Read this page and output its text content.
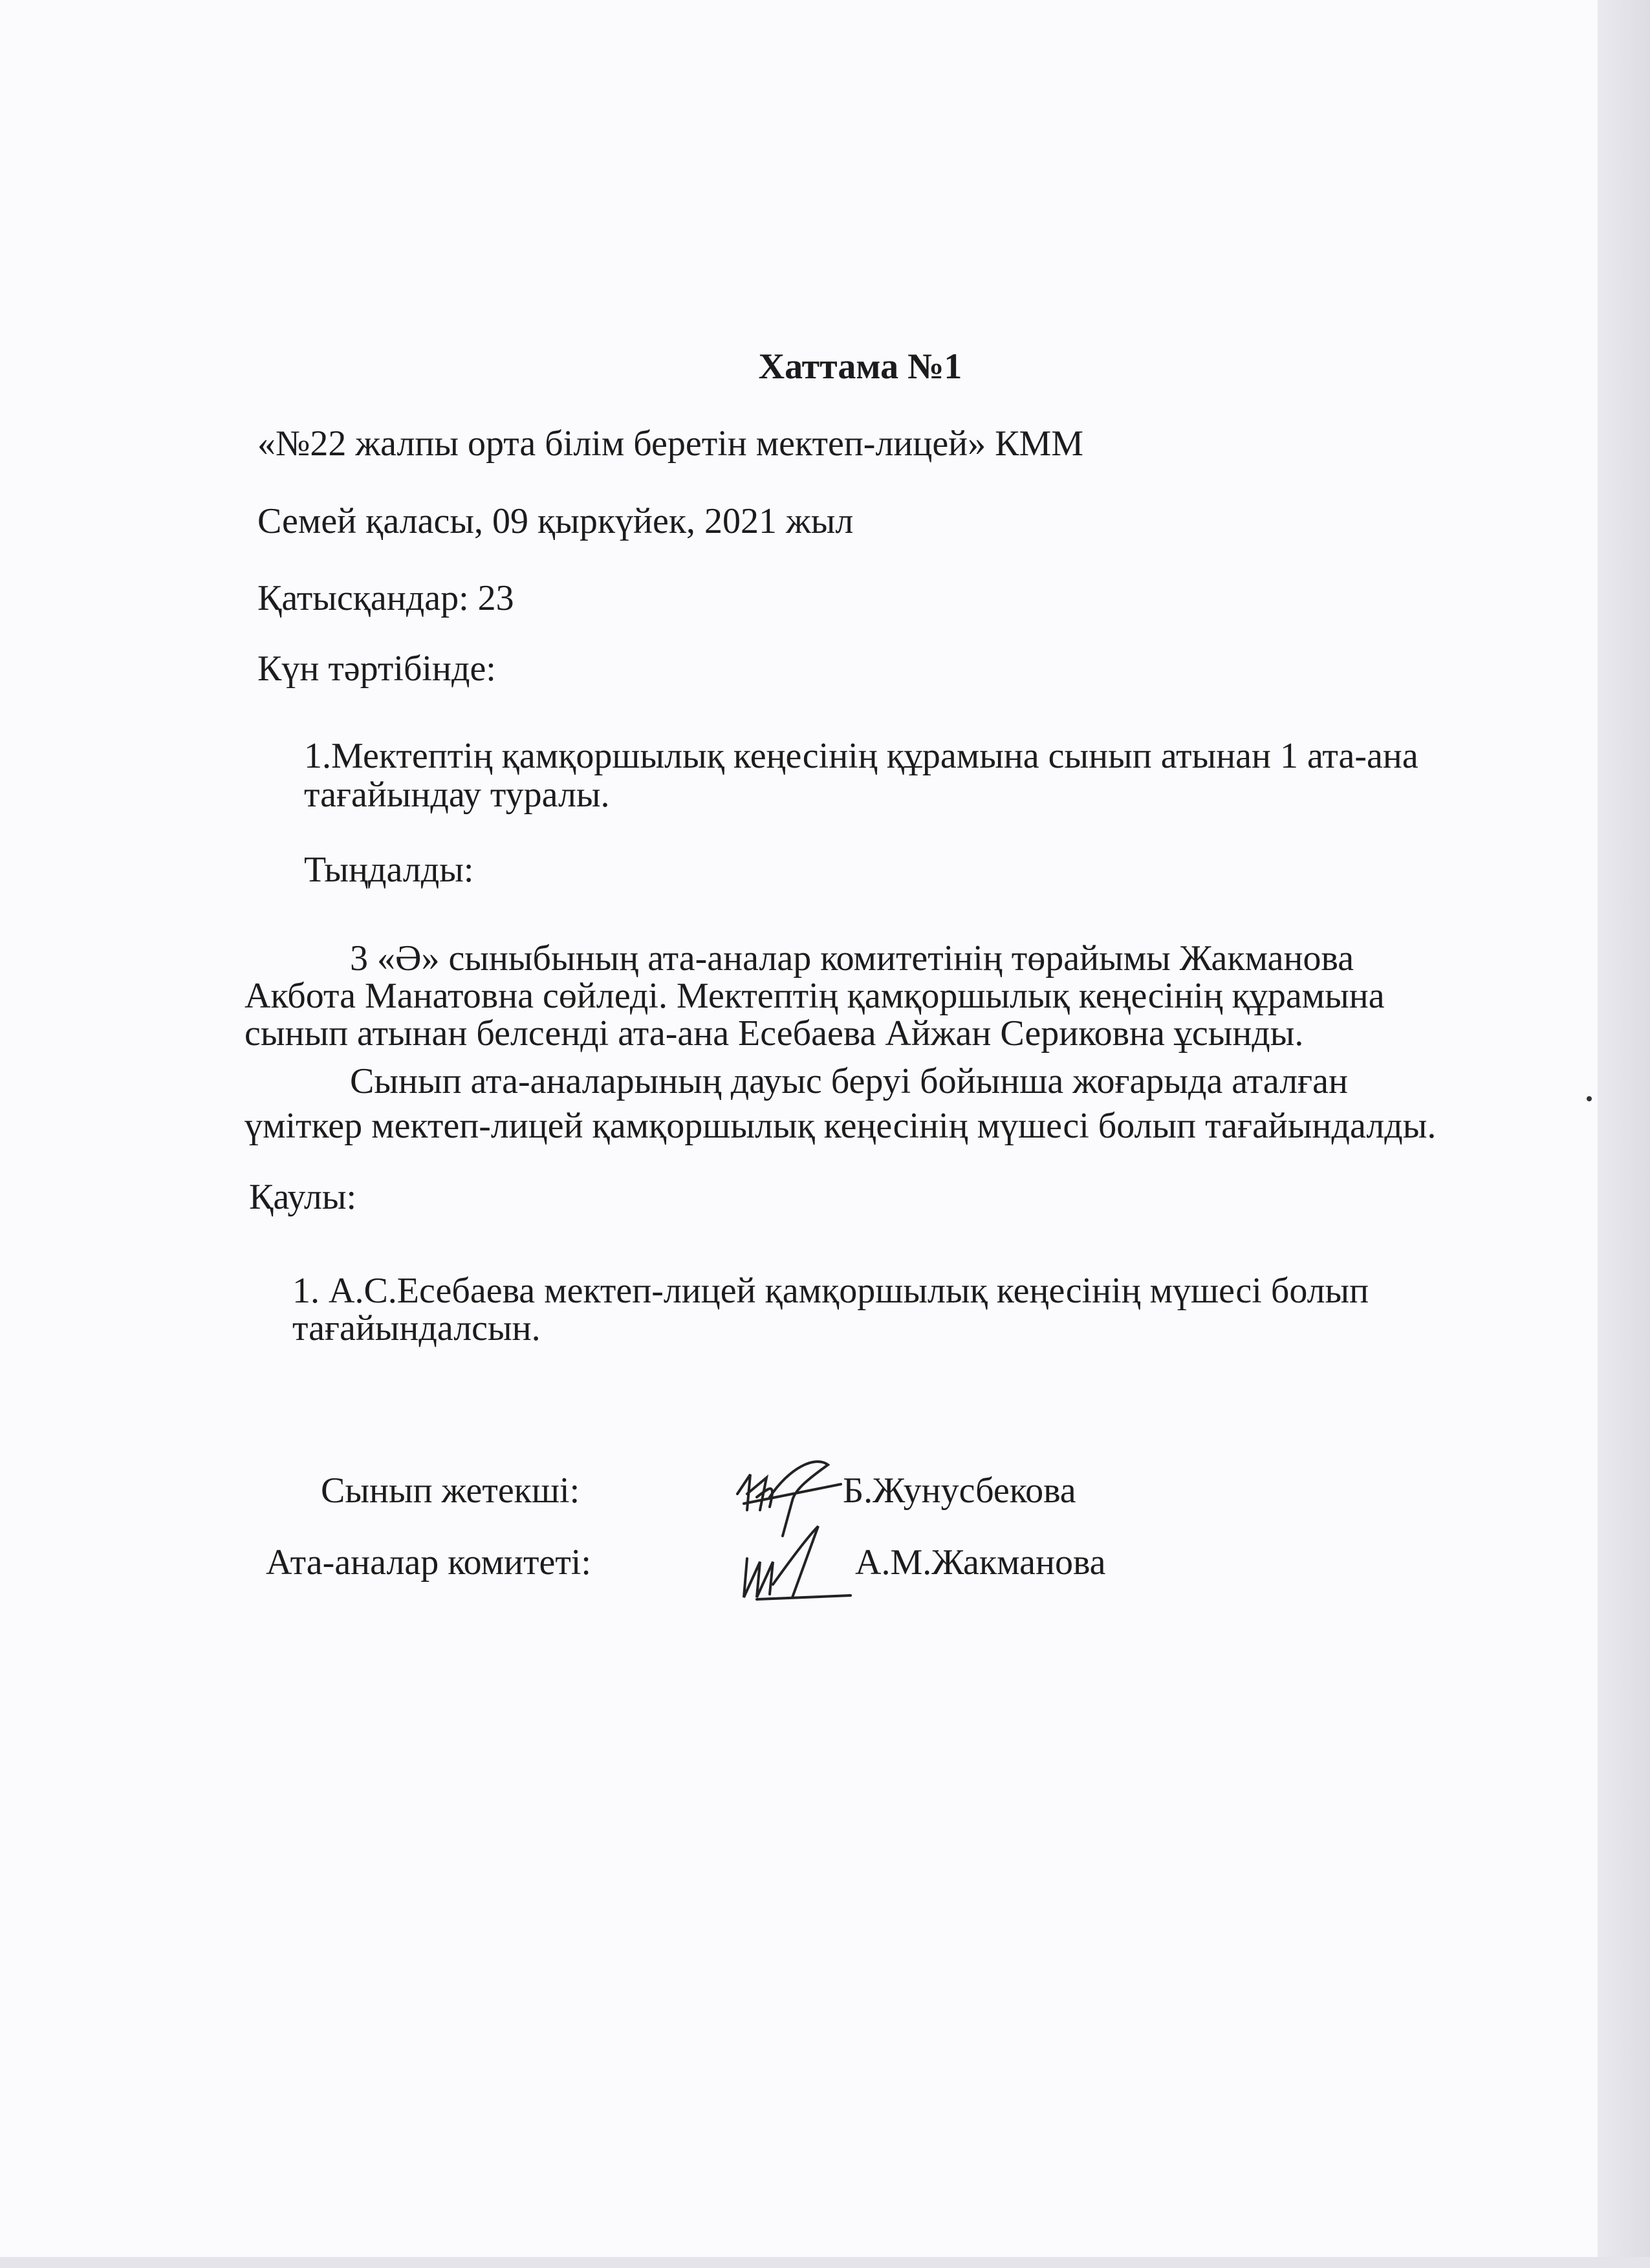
Хаттама №1
«№22 жалпы орта білім беретін мектеп-лицей» КММ
Семей қаласы, 09 қыркүйек, 2021 жыл
Қатысқандар: 23
Күн тәртібінде:
1.Мектептің қамқоршылық кеңесінің құрамына сынып атынан 1 ата-ана
тағайындау туралы.
Тыңдалды:
3 «Ә» сыныбының ата-аналар комитетінің төрайымы Жакманова
Акбота Манатовна сөйледі. Мектептің қамқоршылық кеңесінің құрамына
сынып атынан белсенді ата-ана Есебаева Айжан Сериковна ұсынды.
Сынып ата-аналарының дауыс беруі бойынша жоғарыда аталған
үміткер мектеп-лицей қамқоршылық кеңесінің мүшесі болып тағайындалды.
Қаулы:
1. А.С.Есебаева мектеп-лицей қамқоршылық кеңесінің мүшесі болып
тағайындалсын.
Сынып жетекші:	Б.Жунусбекова
Ата-аналар комитеті:	А.М.Жакманова
